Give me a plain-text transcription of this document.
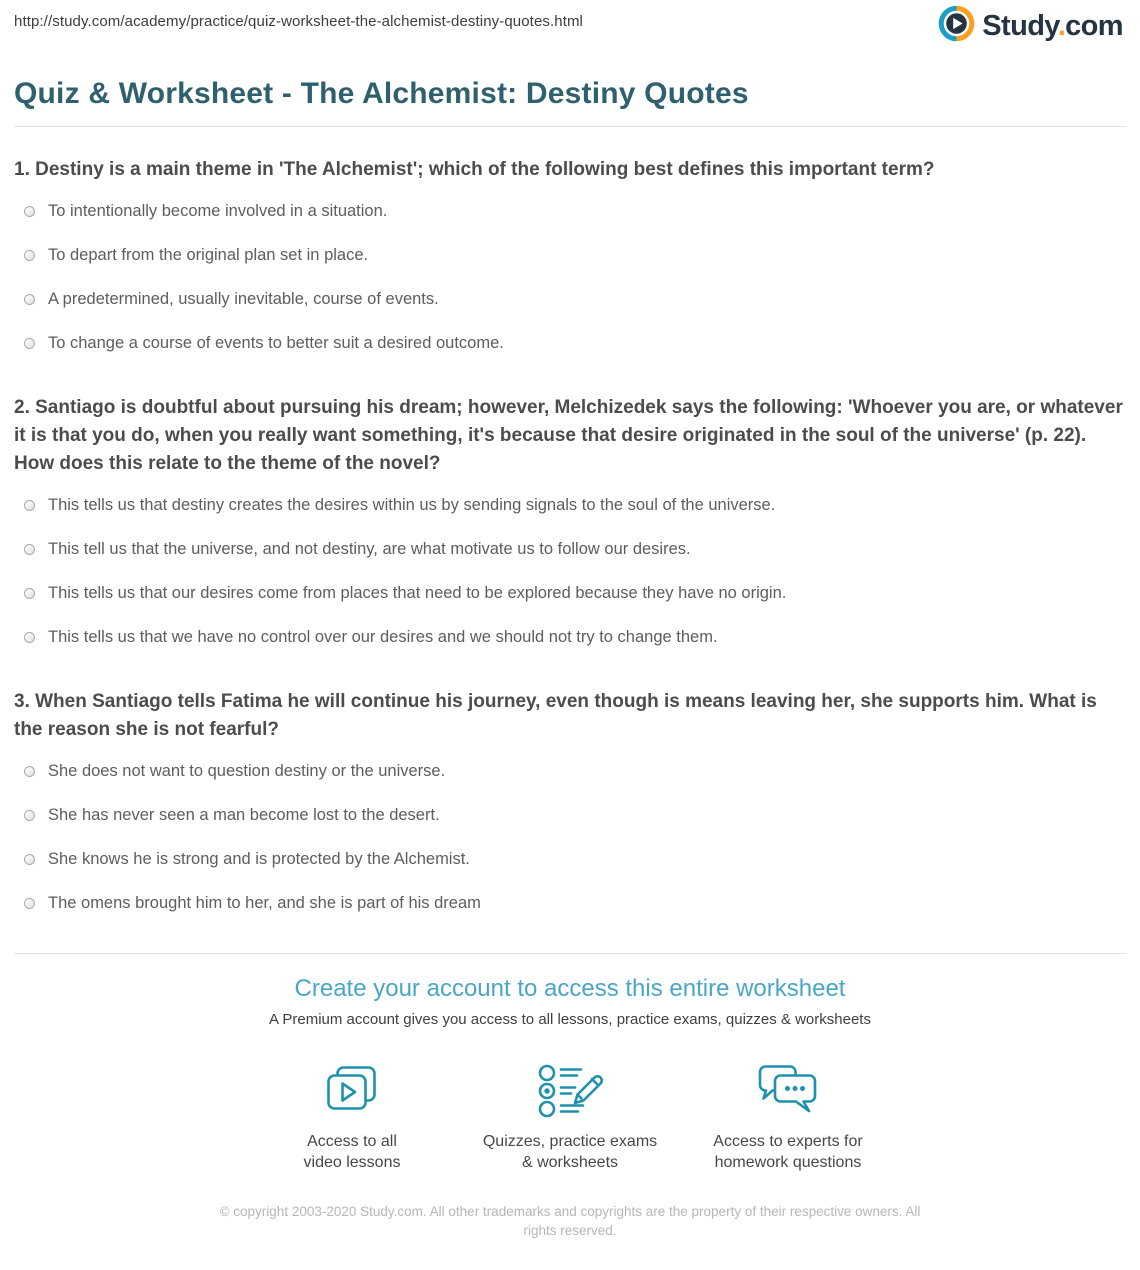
http://study.com/academy/practice/quiz-worksheet-the-alchemist-destiny-quotes.html	Study.com
Quiz & Worksheet - The Alchemist: Destiny Quotes

1. Destiny is a main theme in 'The Alchemist'; which of the following best defines this important term?

To intentionally become involved in a situation.
To depart from the original plan set in place.
A predetermined, usually inevitable, course of events.
To change a course of events to better suit a desired outcome.

2. Santiago is doubtful about pursuing his dream; however, Melchizedek says the following: 'Whoever you are, or whatever it is that you do, when you really want something, it's because that desire originated in the soul of the universe' (p. 22). How does this relate to the theme of the novel?

This tells us that destiny creates the desires within us by sending signals to the soul of the universe.
This tell us that the universe, and not destiny, are what motivate us to follow our desires.
This tells us that our desires come from places that need to be explored because they have no origin.
This tells us that we have no control over our desires and we should not try to change them.

3. When Santiago tells Fatima he will continue his journey, even though is means leaving her, she supports him. What is the reason she is not fearful?

She does not want to question destiny or the universe.
She has never seen a man become lost to the desert.
She knows he is strong and is protected by the Alchemist.
The omens brought him to her, and she is part of his dream
Create your account to access this entire worksheet
A Premium account gives you access to all lessons, practice exams, quizzes & worksheets
Access to all
video lessons
Quizzes, practice exams
& worksheets
Access to experts for
homework questions

© copyright 2003-2020 Study.com. All other trademarks and copyrights are the property of their respective owners. All rights reserved.
